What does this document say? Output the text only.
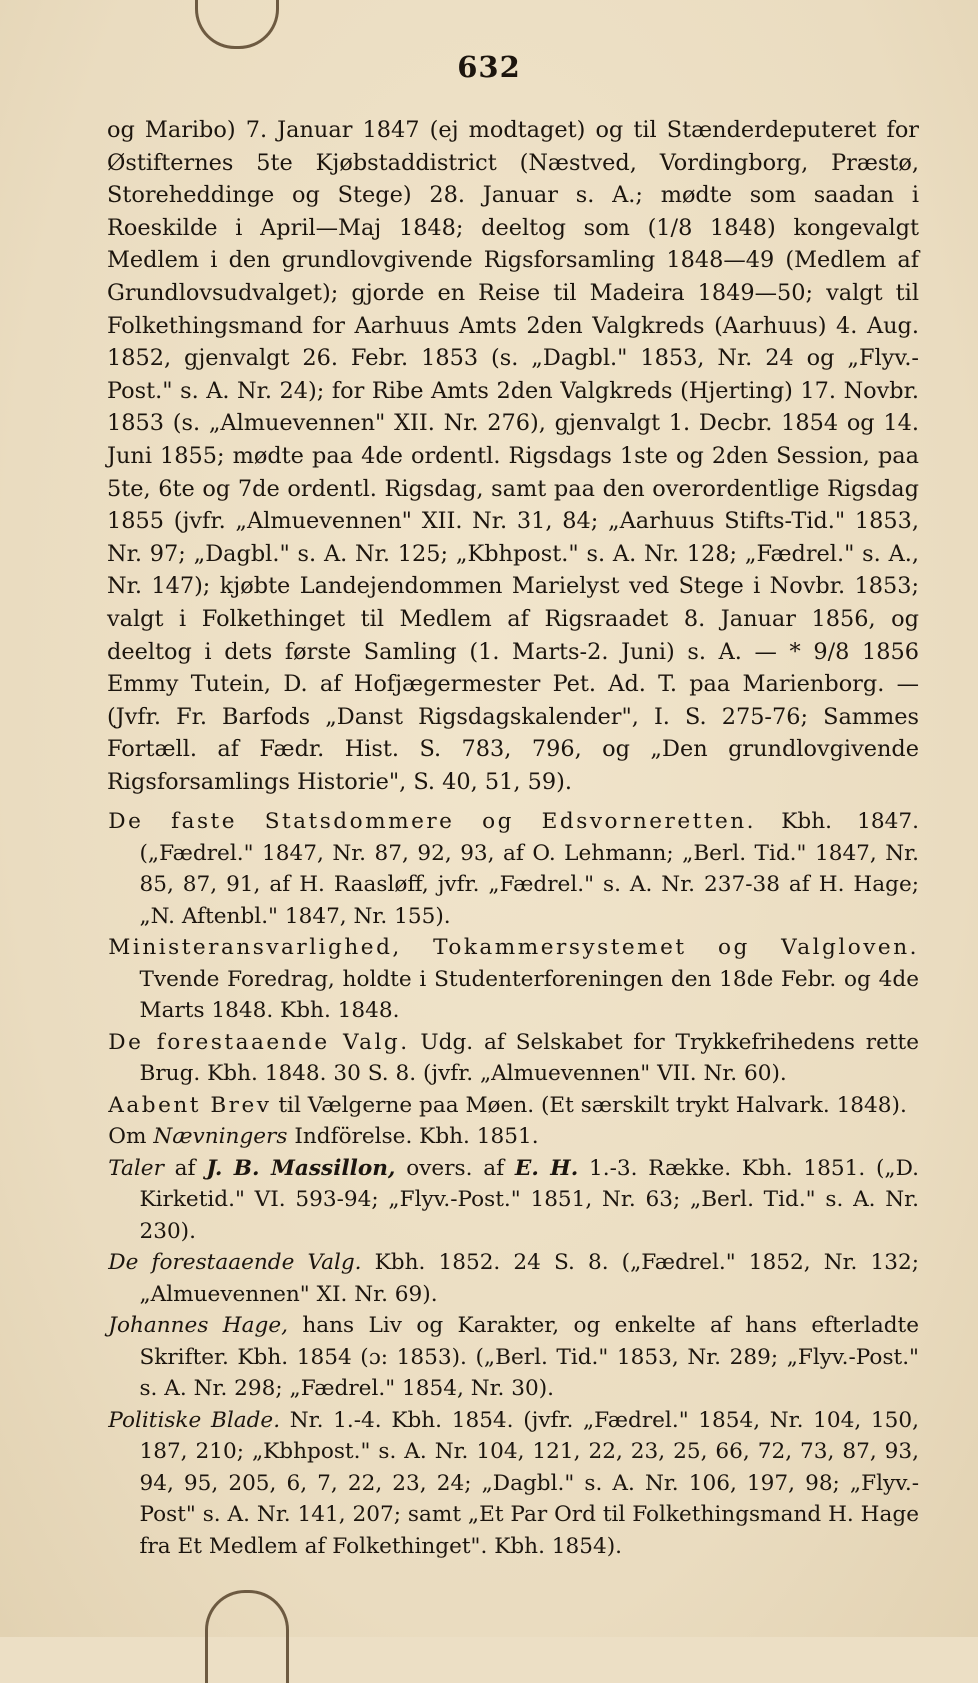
632

og Maribo) 7. Januar 1847 (ej modtaget) og til Stænderdeputeret for Østifternes 5te Kjøbstaddistrict (Næstved, Vordingborg, Præstø, Storeheddinge og Stege) 28. Januar s. A.; mødte som saadan i Roeskilde i April—Maj 1848; deeltog som (1/8 1848) kongevalgt Medlem i den grundlovgivende Rigsforsamling 1848—49 (Medlem af Grundlovsudvalget); gjorde en Reise til Madeira 1849—50; valgt til Folkethingsmand for Aarhuus Amts 2den Valgkreds (Aarhuus) 4. Aug. 1852, gjenvalgt 26. Febr. 1853 (s. „Dagbl." 1853, Nr. 24 og „Flyv.-Post." s. A. Nr. 24); for Ribe Amts 2den Valgkreds (Hjerting) 17. Novbr. 1853 (s. „Almuevennen" XII. Nr. 276), gjenvalgt 1. Decbr. 1854 og 14. Juni 1855; mødte paa 4de ordentl. Rigsdags 1ste og 2den Session, paa 5te, 6te og 7de ordentl. Rigsdag, samt paa den overordentlige Rigsdag 1855 (jvfr. „Almuevennen" XII. Nr. 31, 84; „Aarhuus Stifts-Tid." 1853, Nr. 97; „Dagbl." s. A. Nr. 125; „Kbhpost." s. A. Nr. 128; „Fædrel." s. A., Nr. 147); kjøbte Landejendommen Marielyst ved Stege i Novbr. 1853; valgt i Folkethinget til Medlem af Rigsraadet 8. Januar 1856, og deeltog i dets første Samling (1. Marts-2. Juni) s. A. — * 9/8 1856 Emmy Tutein, D. af Hofjægermester Pet. Ad. T. paa Marienborg. — (Jvfr. Fr. Barfods „Danst Rigsdagskalender", I. S. 275-76; Sammes Fortæll. af Fædr. Hist. S. 783, 796, og „Den grundlovgivende Rigsforsamlings Historie", S. 40, 51, 59).

De faste Statsdommere og Edsvorneretten. Kbh. 1847. („Fædrel." 1847, Nr. 87, 92, 93, af O. Lehmann; „Berl. Tid." 1847, Nr. 85, 87, 91, af H. Raasløff, jvfr. „Fædrel." s. A. Nr. 237-38 af H. Hage; „N. Aftenbl." 1847, Nr. 155).

Ministeransvarlighed, Tokammersystemet og Valgloven. Tvende Foredrag, holdte i Studenterforeningen den 18de Febr. og 4de Marts 1848. Kbh. 1848.

De forestaaende Valg. Udg. af Selskabet for Trykkefrihedens rette Brug. Kbh. 1848. 30 S. 8. (jvfr. „Almuevennen" VII. Nr. 60).

Aabent Brev til Vælgerne paa Møen. (Et særskilt trykt Halvark. 1848).

Om Nævningers Indförelse. Kbh. 1851.

Taler af J. B. Massillon, overs. af E. H. 1.-3. Række. Kbh. 1851. („D. Kirketid." VI. 593-94; „Flyv.-Post." 1851, Nr. 63; „Berl. Tid." s. A. Nr. 230).

De forestaaende Valg. Kbh. 1852. 24 S. 8. („Fædrel." 1852, Nr. 132; „Almuevennen" XI. Nr. 69).

Johannes Hage, hans Liv og Karakter, og enkelte af hans efterladte Skrifter. Kbh. 1854 (ɔ: 1853). („Berl. Tid." 1853, Nr. 289; „Flyv.-Post." s. A. Nr. 298; „Fædrel." 1854, Nr. 30).

Politiske Blade. Nr. 1.-4. Kbh. 1854. (jvfr. „Fædrel." 1854, Nr. 104, 150, 187, 210; „Kbhpost." s. A. Nr. 104, 121, 22, 23, 25, 66, 72, 73, 87, 93, 94, 95, 205, 6, 7, 22, 23, 24; „Dagbl." s. A. Nr. 106, 197, 98; „Flyv.-Post" s. A. Nr. 141, 207; samt „Et Par Ord til Folkethingsmand H. Hage fra Et Medlem af Folkethinget". Kbh. 1854).
